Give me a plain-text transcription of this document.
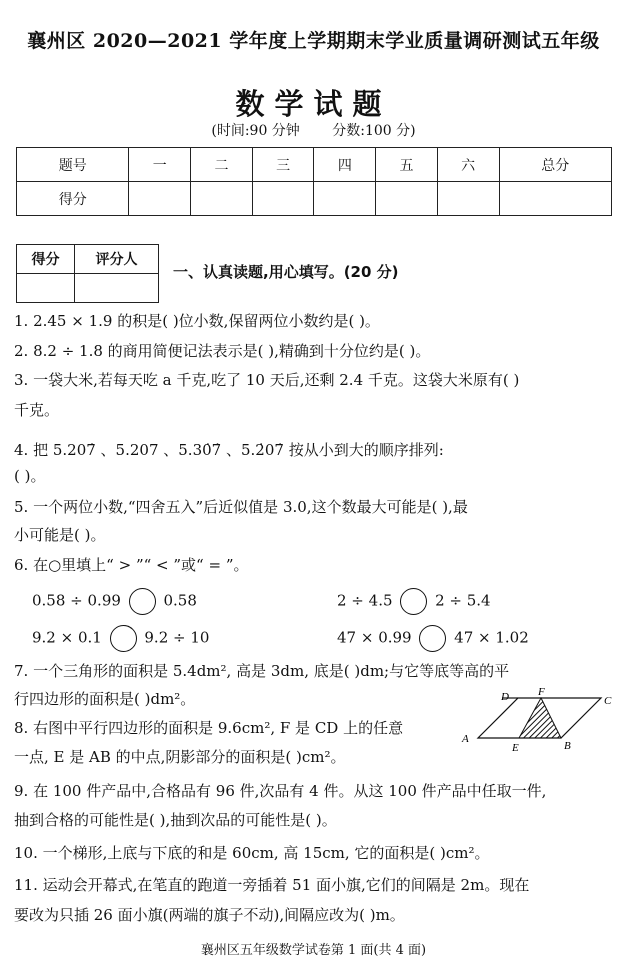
襄州区 2020—2021 学年度上学期期末学业质量调研测试五年级
数学试题
(时间:90 分钟 分数:100 分)
题号	一	二	三	四	五	六	总分
得分							
得分	评分人

一、认真读题,用心填写。(20 分)
1. 2.45 × 1.9 的积是( )位小数,保留两位小数约是( )。
2. 8.2 ÷ 1.8 的商用简便记法表示是( ),精确到十分位约是( )。
3. 一袋大米,若每天吃 a 千克,吃了 10 天后,还剩 2.4 千克。这袋大米原有( )
千克。
4. 把 5.207̇ 、5.207 、5.30̇7̇ 、5.2̇07̇ 按从小到大的顺序排列:
( )。
5. 一个两位小数,“四舍五入”后近似值是 3.0,这个数最大可能是( ),最
小可能是( )。
6. 在○里填上“ > ”“ < ”或“ = ”。
0.58 ÷ 0.99	0.58	2 ÷ 4.5	2 ÷ 5.4
9.2 × 0.1	9.2 ÷ 10	47 × 0.99	47 × 1.02
7. 一个三角形的面积是 5.4dm², 高是 3dm, 底是( )dm;与它等底等高的平
行四边形的面积是( )dm²。
8. 右图中平行四边形的面积是 9.6cm², F 是 CD 上的任意
一点, E 是 AB 的中点,阴影部分的面积是( )cm²。
D	F
C
A
E	B
9. 在 100 件产品中,合格品有 96 件,次品有 4 件。从这 100 件产品中任取一件,
抽到合格的可能性是( ),抽到次品的可能性是( )。
10. 一个梯形,上底与下底的和是 60cm, 高 15cm, 它的面积是( )cm²。
11. 运动会开幕式,在笔直的跑道一旁插着 51 面小旗,它们的间隔是 2m。现在
要改为只插 26 面小旗(两端的旗子不动),间隔应改为( )m。
襄州区五年级数学试卷第 1 面(共 4 面)
